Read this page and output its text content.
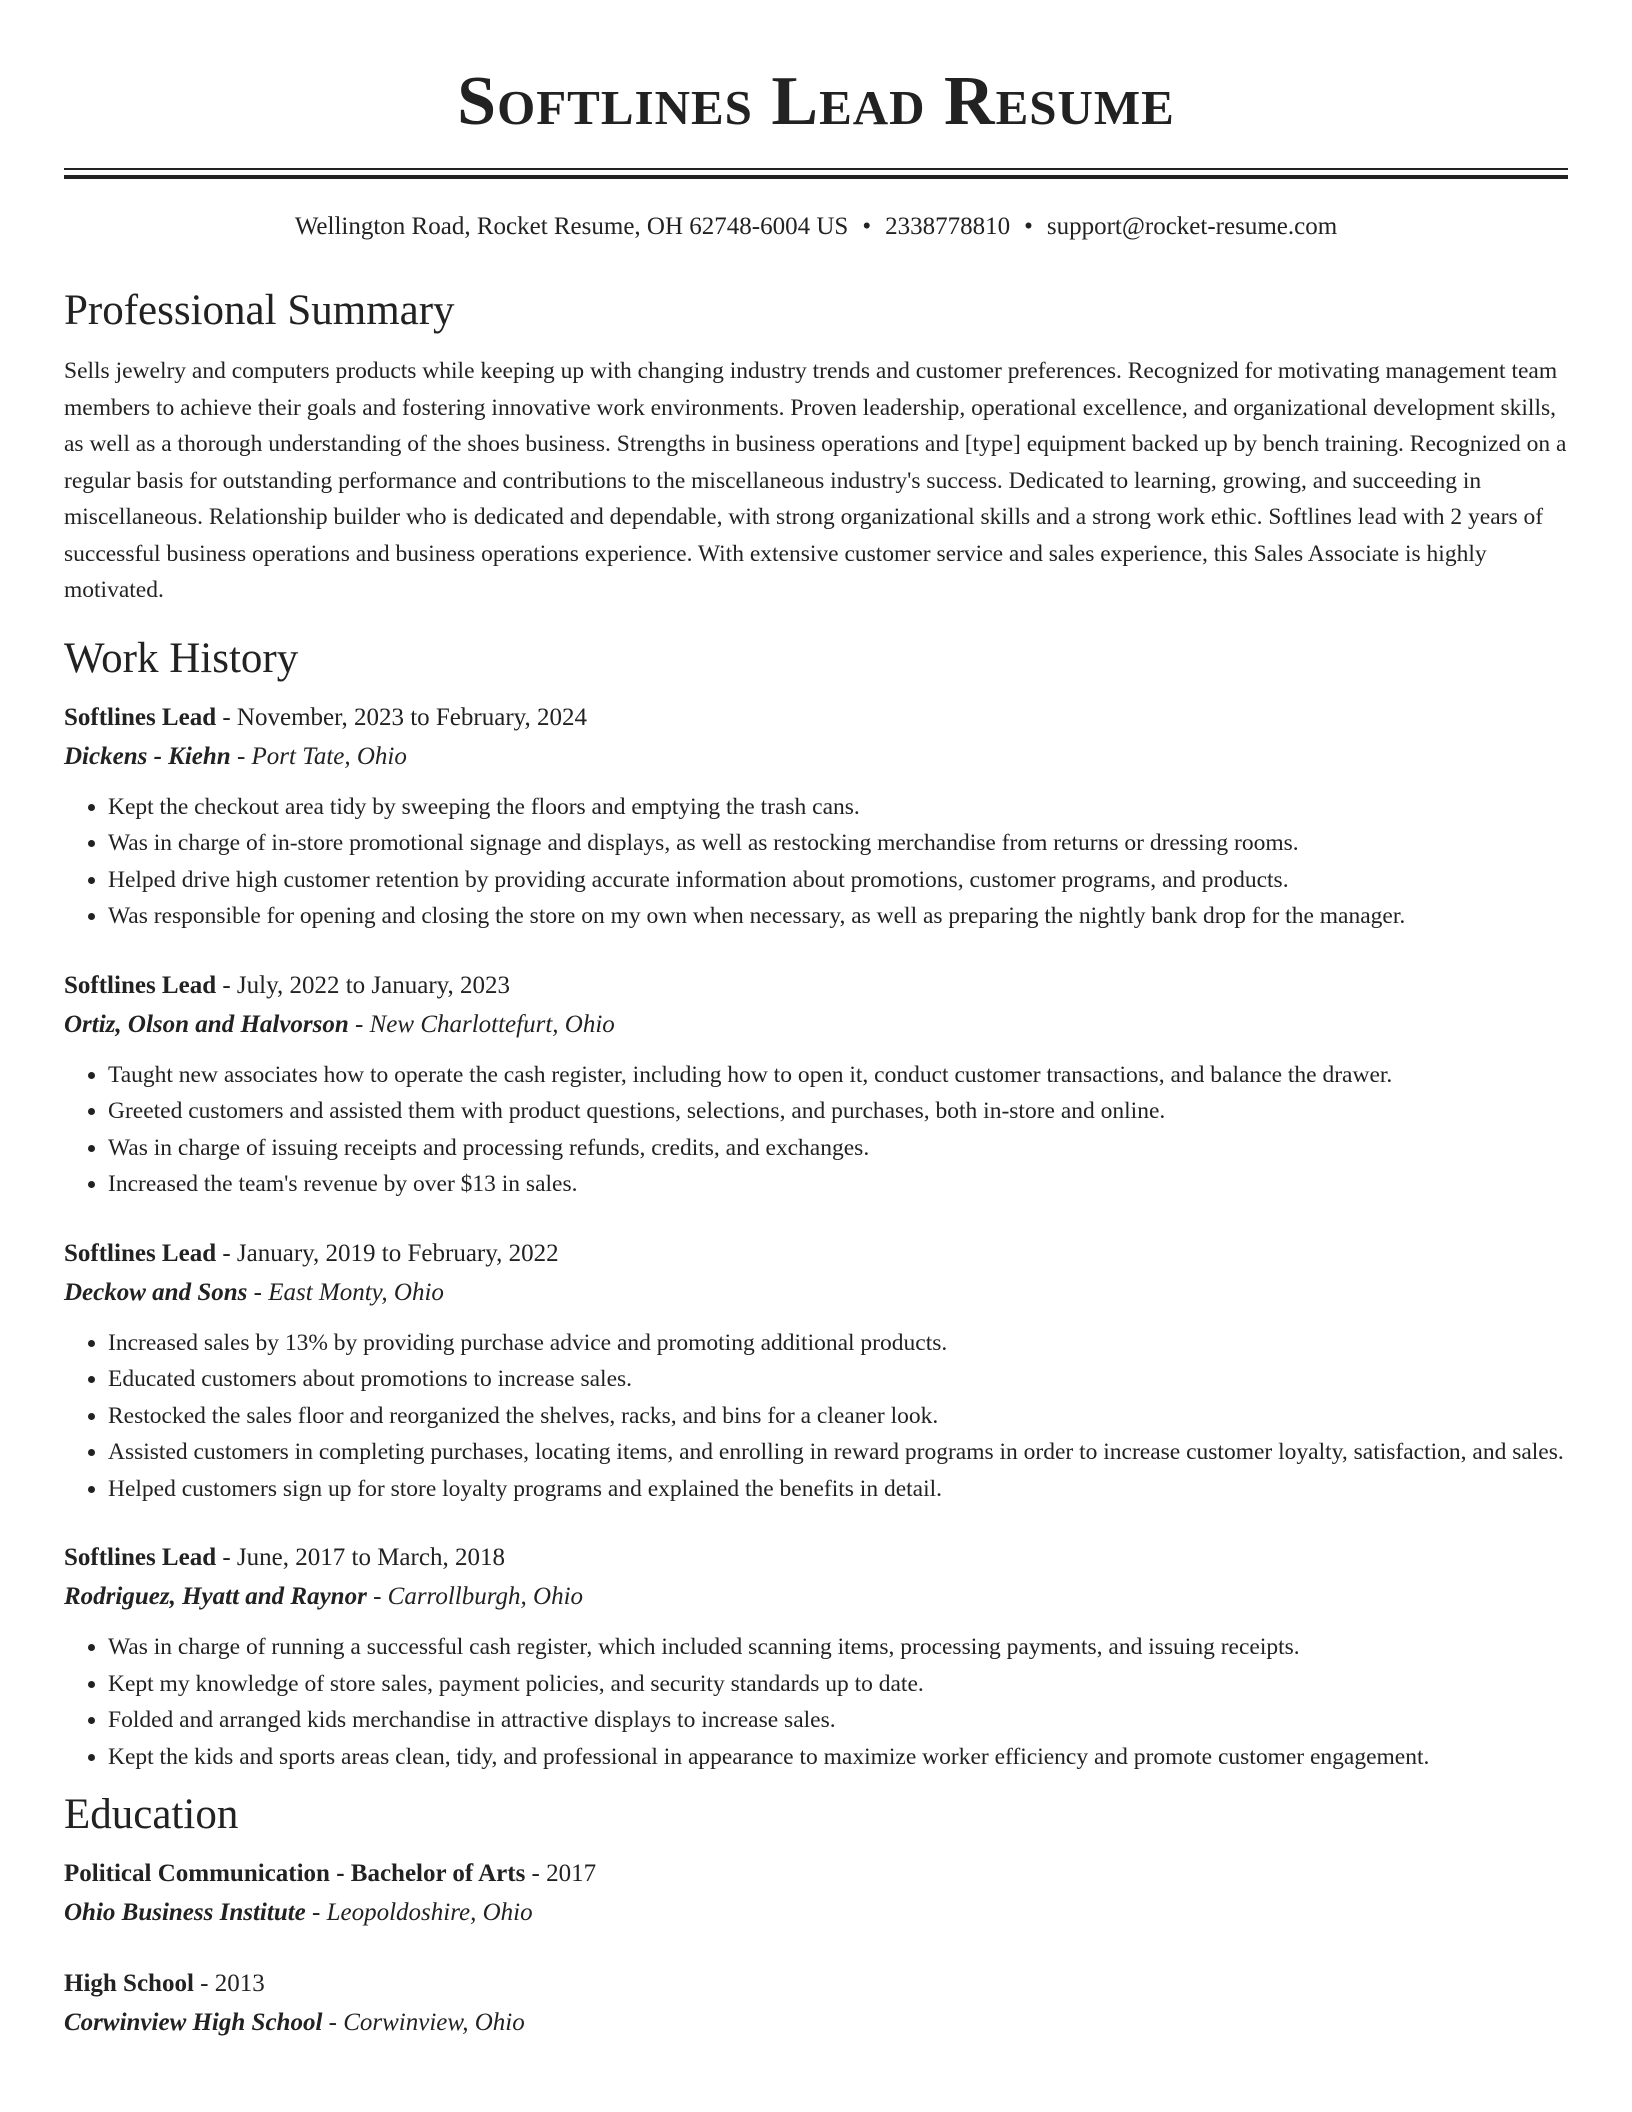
Softlines Lead Resume
Wellington Road, Rocket Resume, OH 62748-6004 US • 2338778810 • support@rocket-resume.com
Professional Summary
Sells jewelry and computers products while keeping up with changing industry trends and customer preferences. Recognized for motivating management team members to achieve their goals and fostering innovative work environments. Proven leadership, operational excellence, and organizational development skills, as well as a thorough understanding of the shoes business. Strengths in business operations and [type] equipment backed up by bench training. Recognized on a regular basis for outstanding performance and contributions to the miscellaneous industry's success. Dedicated to learning, growing, and succeeding in miscellaneous. Relationship builder who is dedicated and dependable, with strong organizational skills and a strong work ethic. Softlines lead with 2 years of successful business operations and business operations experience. With extensive customer service and sales experience, this Sales Associate is highly motivated.
Work History
Softlines Lead - November, 2023 to February, 2024
Dickens - Kiehn - Port Tate, Ohio
• Kept the checkout area tidy by sweeping the floors and emptying the trash cans.
• Was in charge of in-store promotional signage and displays, as well as restocking merchandise from returns or dressing rooms.
• Helped drive high customer retention by providing accurate information about promotions, customer programs, and products.
• Was responsible for opening and closing the store on my own when necessary, as well as preparing the nightly bank drop for the manager.
Softlines Lead - July, 2022 to January, 2023
Ortiz, Olson and Halvorson - New Charlottefurt, Ohio
• Taught new associates how to operate the cash register, including how to open it, conduct customer transactions, and balance the drawer.
• Greeted customers and assisted them with product questions, selections, and purchases, both in-store and online.
• Was in charge of issuing receipts and processing refunds, credits, and exchanges.
• Increased the team's revenue by over $13 in sales.
Softlines Lead - January, 2019 to February, 2022
Deckow and Sons - East Monty, Ohio
• Increased sales by 13% by providing purchase advice and promoting additional products.
• Educated customers about promotions to increase sales.
• Restocked the sales floor and reorganized the shelves, racks, and bins for a cleaner look.
• Assisted customers in completing purchases, locating items, and enrolling in reward programs in order to increase customer loyalty, satisfaction, and sales.
• Helped customers sign up for store loyalty programs and explained the benefits in detail.
Softlines Lead - June, 2017 to March, 2018
Rodriguez, Hyatt and Raynor - Carrollburgh, Ohio
• Was in charge of running a successful cash register, which included scanning items, processing payments, and issuing receipts.
• Kept my knowledge of store sales, payment policies, and security standards up to date.
• Folded and arranged kids merchandise in attractive displays to increase sales.
• Kept the kids and sports areas clean, tidy, and professional in appearance to maximize worker efficiency and promote customer engagement.
Education
Political Communication - Bachelor of Arts - 2017
Ohio Business Institute - Leopoldoshire, Ohio
High School - 2013
Corwinview High School - Corwinview, Ohio
